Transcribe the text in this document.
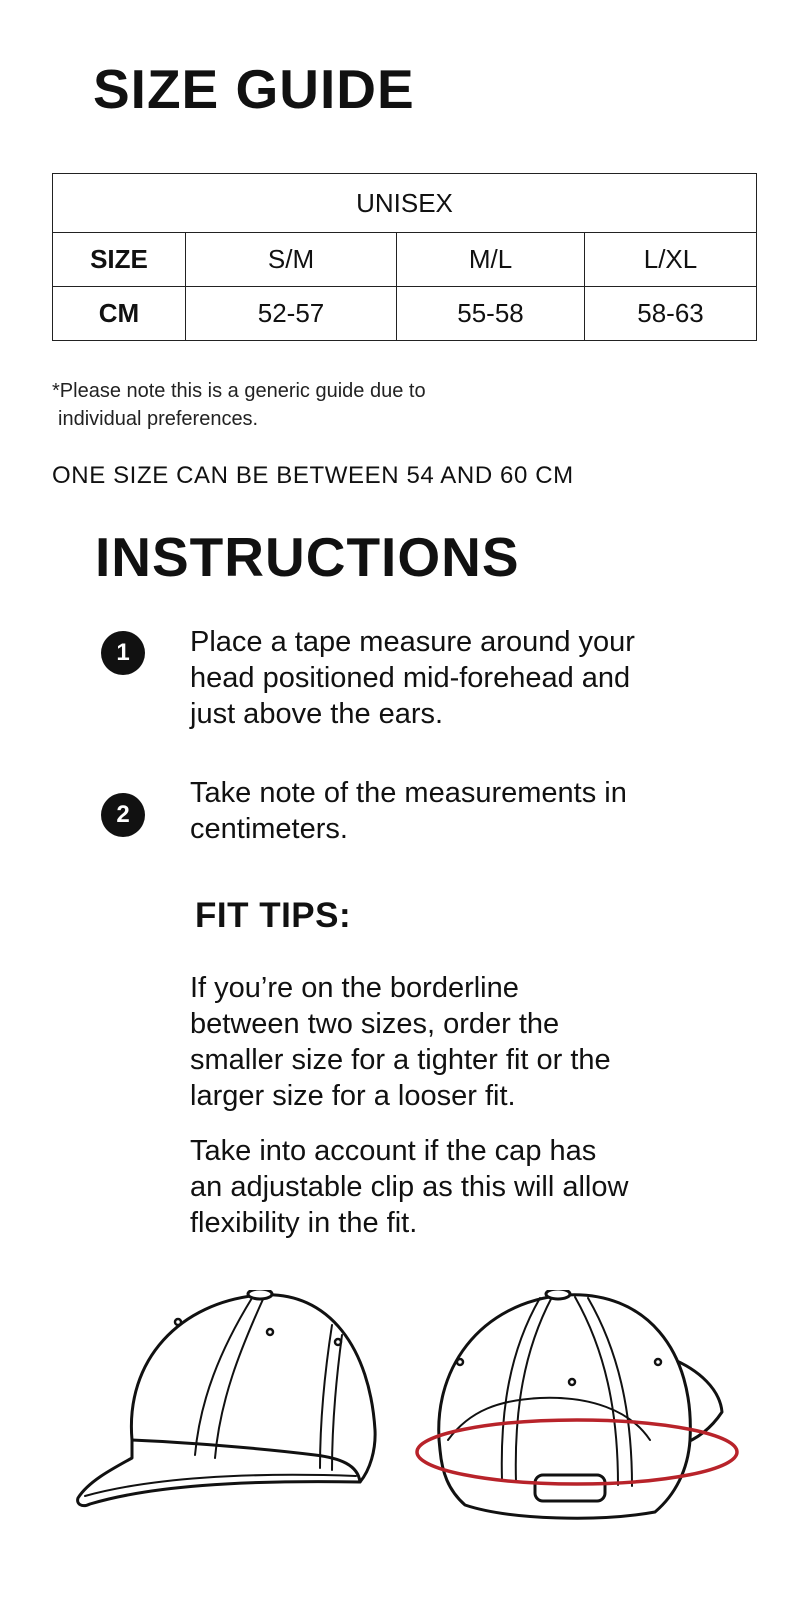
SIZE GUIDE
UNISEX			
SIZE	S/M	M/L	L/XL
CM	52-57	55-58	58-63

*Please note this is a generic guide due to
individual preferences.

ONE SIZE CAN BE BETWEEN 54 AND 60 CM

INSTRUCTIONS
1	Place a tape measure around your
head positioned mid-forehead and
just above the ears.

2

Take note of the measurements in
centimeters.

FIT TIPS:

If you’re on the borderline
between two sizes, order the
smaller size for a tighter fit or the
larger size for a looser fit.

Take into account if the cap has
an adjustable clip as this will allow
flexibility in the fit.
